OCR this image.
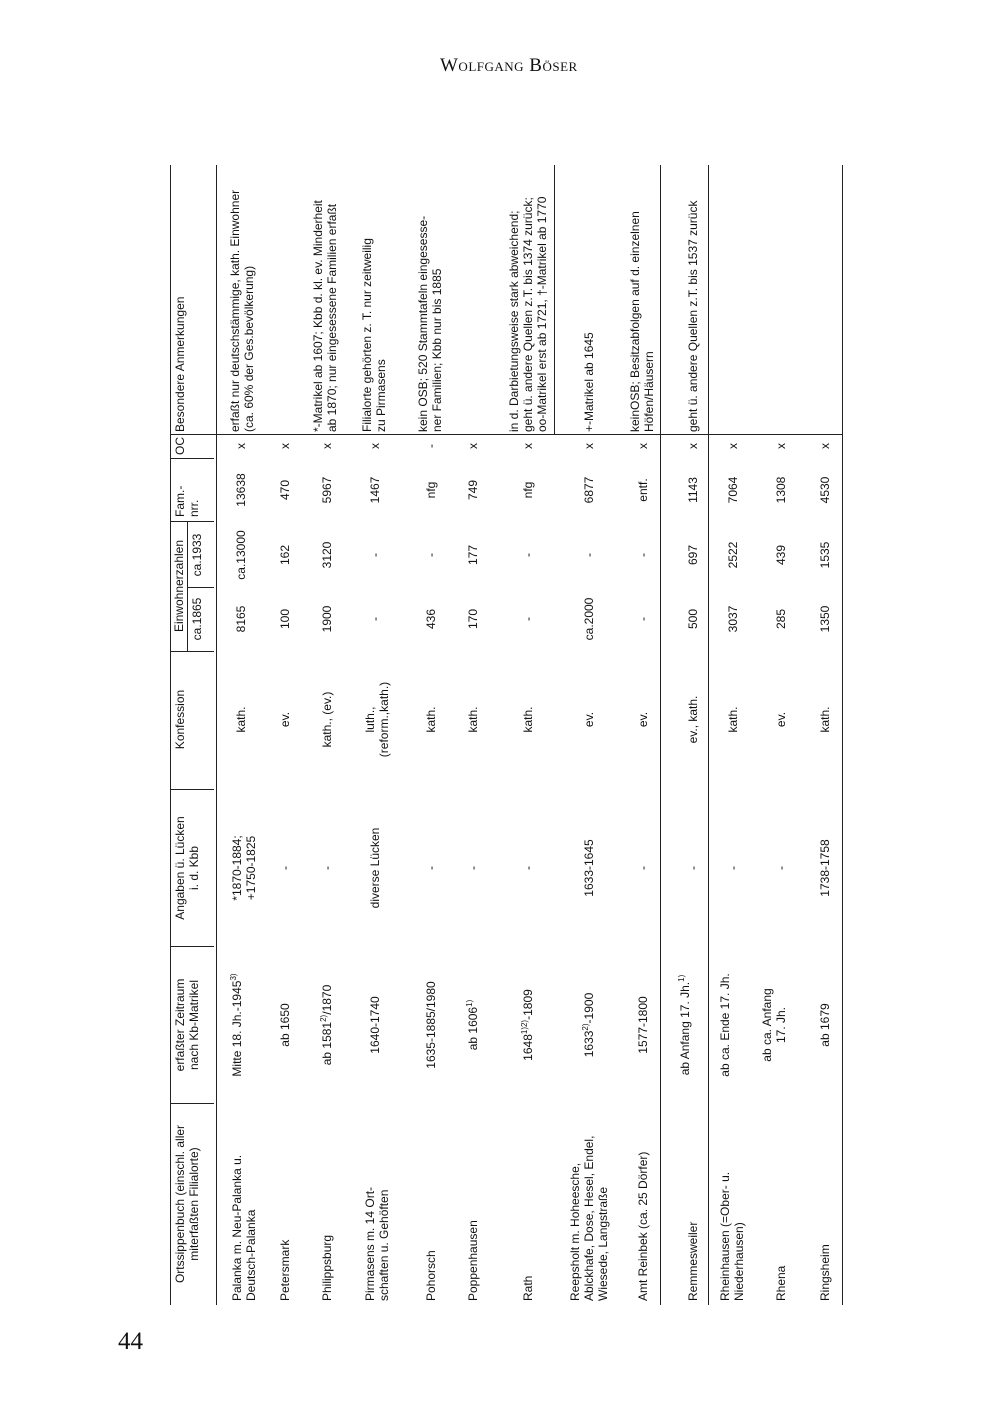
Wolfgang Böser
44
Ortssippenbuch (einschl. aller miterfaßten Filialorte)
erfaßter Zeitraum nach Kb-Matrikel
Angaben ü. Lücken i. d. Kbb
Konfession
Einwohnerzahlen ca.1865
ca.1933
Fam.- nrr.
OC
Besondere Anmerkungen
Palanka m. Neu-Palanka u. Deutsch-Palanka
Mitte 18. Jh.-1945$^{3)}$
*1870-1884; +1750-1825
kath.
8165
ca.13000
13638
x
erfaßt nur deutschstämmige, kath. Einwohner (ca. 60% der Ges.bevölkerung)
Petersmark
ab 1650
-
ev.
100
162
470
x
Philippsburg
ab 1581$^{2)}$/1870
-
kath., (ev.)
1900
3120
5967
x
*-Matrikel ab 1607; Kbb d. kl. ev. Minderheit ab 1870; nur eingesessene Familien erfaßt
Pirmasens m. 14 Ort- schaften u. Gehöften
1640-1740
diverse Lücken
luth., (reform.,kath.)
-
-
1467
x
Filialorte gehörten z. T. nur zeitweilig zu Pirmasens
Pohorsch
1635-1885/1980
-
kath.
436
-
nfg
-
kein OSB; 520 Stammtafeln eingesesse- ner Familien; Kbb nur bis 1885
Poppenhausen
ab 1606$^{1)}$
-
kath.
170
177
749
x
Rath
$1648^{1)2)}-1809$
-
kath.
-
-
nfg
x
in d. Darbietungsweise stark abweichend; geht ü. andere Quellen z.T. bis 1374 zurück; oo-Matrikel erst ab 1721, †-Matrikel ab 1770
Reepsholt m. Hoheesche, Ablckhafe, Dose, Hesel, Endel, Wiesede, Langstraße
1633$^{2)}$-1900
1633-1645
ev.
ca.2000
-
6877
x
+-Matrikel ab 1645
Amt Reinbek (ca. 25 Dörfer)
1577-1800
-
ev.
-
-
entf.
x
keinOSB; Besitzabfolgen auf d. einzelnen Höfen/Häusern
Remmesweiler
ab Anfang 17. Jh.$^{1)}$
-
ev., kath.
500
697
1143
x
geht ü. andere Quellen z.T. bis 1537 zurück
Rheinhausen (=Ober- u. Niederhausen)
ab ca. Ende 17. Jh.
-
kath.
3037
2522
7064
x
Rhena
ab ca. Anfang 17. Jh.
-
ev.
285
439
1308
x
Ringsheim
ab 1679
1738-1758
kath.
1350
1535
4530
x
